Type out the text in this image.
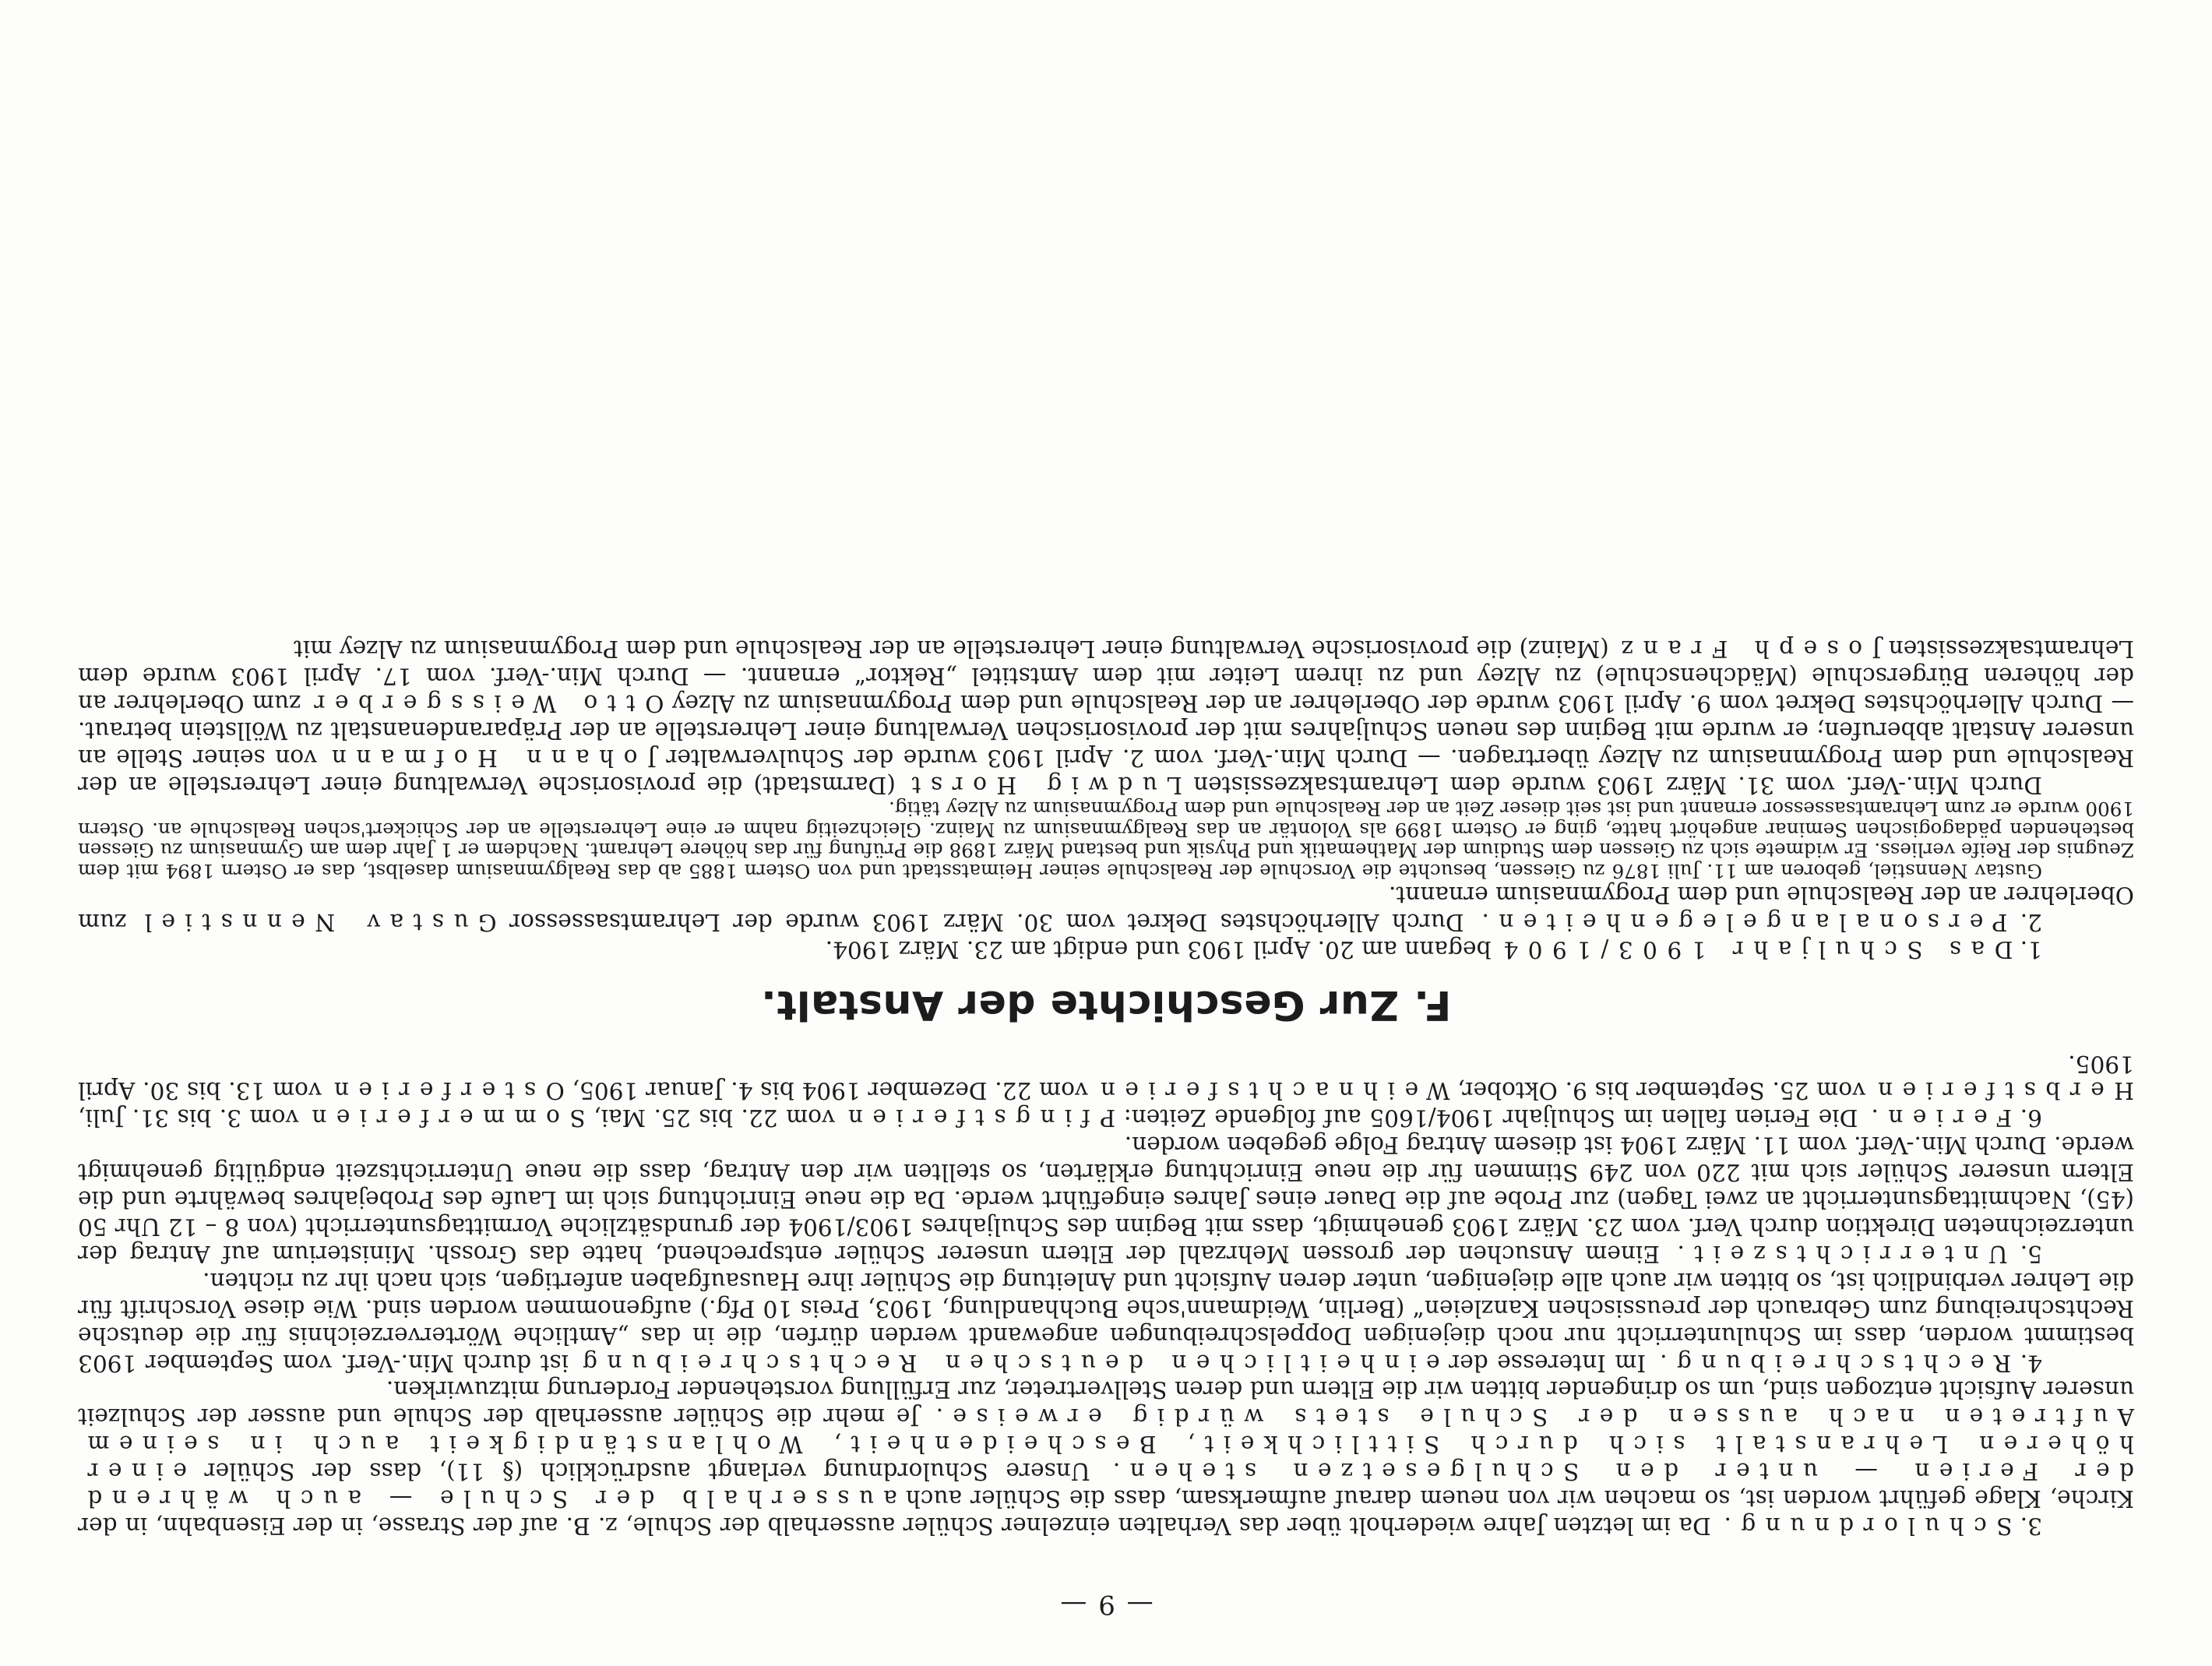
— 9 —

3. Schulordnung. Da im letzten Jahre wiederholt über das Verhalten einzelner Schüler ausserhalb der Schule, z. B. auf der Strasse, in der Eisenbahn, in der Kirche, Klage geführt worden ist, so machen wir von neuem darauf aufmerksam, dass die Schüler auch ausserhalb der Schule — auch während der Ferien — unter den Schulgesetzen stehen. Unsere Schulordnung verlangt ausdrücklich (§ 11), dass der Schüler einer höheren Lehranstalt sich durch Sittlichkeit, Bescheidenheit, Wohlanständigkeit auch in seinem Auftreten nach aussen der Schule stets würdig erweise. Je mehr die Schüler ausserhalb der Schule und ausser der Schulzeit unserer Aufsicht entzogen sind, um so dringender bitten wir die Eltern und deren Stellvertreter, zur Erfüllung vorstehender Forderung mitzuwirken.

4. Rechtschreibung. Im Interesse der einheitlichen deutschen Rechtschreibung ist durch Min.-Verf. vom September 1903 bestimmt worden, dass im Schulunterricht nur noch diejenigen Doppelschreibungen angewandt werden dürfen, die in das „Amtliche Wörterverzeichnis für die deutsche Rechtschreibung zum Gebrauch der preussischen Kanzleien“ (Berlin, Weidmann'sche Buchhandlung, 1903, Preis 10 Pfg.) aufgenommen worden sind. Wie diese Vorschrift für die Lehrer verbindlich ist, so bitten wir auch alle diejenigen, unter deren Aufsicht und Anleitung die Schüler ihre Hausaufgaben anfertigen, sich nach ihr zu richten.

5. Unterrichtszeit. Einem Ansuchen der grossen Mehrzahl der Eltern unserer Schüler entsprechend, hatte das Grossh. Ministerium auf Antrag der unterzeichneten Direktion durch Verf. vom 23. März 1903 genehmigt, dass mit Beginn des Schuljahres 1903/1904 der grundsätzliche Vormittagsunterricht (von 8 – 12 Uhr 50 (45), Nachmittagsunterricht an zwei Tagen) zur Probe auf die Dauer eines Jahres eingeführt werde. Da die neue Einrichtung sich im Laufe des Probejahres bewährte und die Eltern unserer Schüler sich mit 220 von 249 Stimmen für die neue Einrichtung erklärten, so stellten wir den Antrag, dass die neue Unterrichtszeit endgültig genehmigt werde. Durch Min.-Verf. vom 11. März 1904 ist diesem Antrag Folge gegeben worden.

6. Ferien. Die Ferien fallen im Schuljahr 1904/1605 auf folgende Zeiten: Pfingstferien vom 22. bis 25. Mai, Sommerferien vom 3. bis 31. Juli, Herbstferien vom 25. September bis 9. Oktober, Weihnachtsferien vom 22. Dezember 1904 bis 4. Januar 1905, Osterferien vom 13. bis 30. April 1905.

F. Zur Geschichte der Anstalt.

1. Das Schuljahr 1903/1904 begann am 20. April 1903 und endigt am 23. März 1904.

2. Personalangelegenheiten. Durch Allerhöchstes Dekret vom 30. März 1903 wurde der Lehramtsassessor Gustav Nennstiel zum Oberlehrer an der Realschule und dem Progymnasium ernannt.

Gustav Nennstiel, geboren am 11. Juli 1876 zu Giessen, besuchte die Vorschule der Realschule seiner Heimatsstadt und von Ostern 1885 ab das Realgymnasium daselbst, das er Ostern 1894 mit dem Zeugnis der Reife verliess. Er widmete sich zu Giessen dem Studium der Mathematik und Physik und bestand März 1898 die Prüfung für das höhere Lehramt. Nachdem er 1 Jahr dem am Gymnasium zu Giessen bestehenden pädagogischen Seminar angehört hatte, ging er Ostern 1899 als Volontär an das Realgymnasium zu Mainz. Gleichzeitig nahm er eine Lehrerstelle an der Schickert'schen Realschule an. Ostern 1900 wurde er zum Lehramtsassessor ernannt und ist seit dieser Zeit an der Realschule und dem Progymnasium zu Alzey tätig.

Durch Min.-Verf. vom 31. März 1903 wurde dem Lehramtsakzessisten Ludwig Horst (Darmstadt) die provisorische Verwaltung einer Lehrerstelle an der Realschule und dem Progymnasium zu Alzey übertragen. — Durch Min.-Verf. vom 2. April 1903 wurde der Schulverwalter Johann Hofmann von seiner Stelle an unserer Anstalt abberufen; er wurde mit Beginn des neuen Schuljahres mit der provisorischen Verwaltung einer Lehrerstelle an der Präparandenanstalt zu Wöllstein betraut. — Durch Allerhöchstes Dekret vom 9. April 1903 wurde der Oberlehrer an der Realschule und dem Progymnasium zu Alzey Otto Weissgerber zum Oberlehrer an der höheren Bürgerschule (Mädchenschule) zu Alzey und zu ihrem Leiter mit dem Amtstitel „Rektor“ ernannt. — Durch Min.-Verf. vom 17. April 1903 wurde dem Lehramtsakzessisten Joseph Franz (Mainz) die provisorische Verwaltung einer Lehrerstelle an der Realschule und dem Progymnasium zu Alzey mit
